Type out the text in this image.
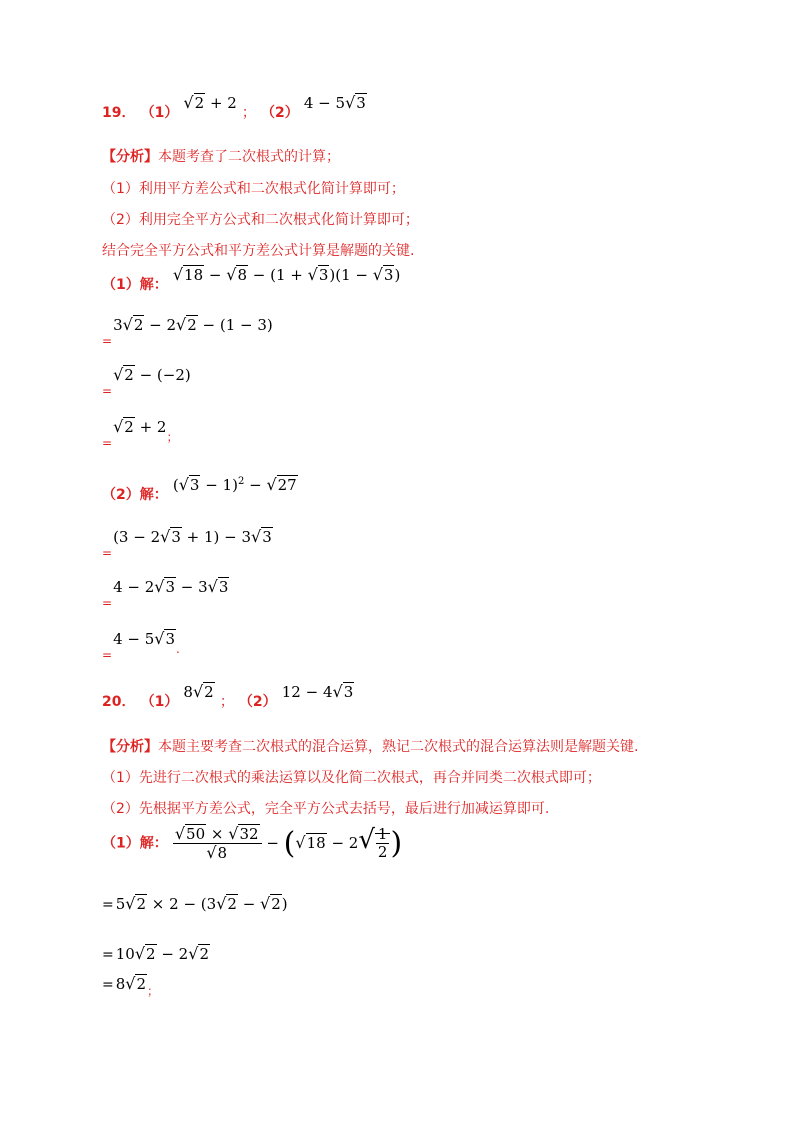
19． （1） √2 + 2 ； （2） 4 − 5√3
【分析】本题考查了二次根式的计算；
（1）利用平方差公式和二次根式化简计算即可；
（2）利用完全平方公式和二次根式化简计算即可；
结合完全平方公式和平方差公式计算是解题的关键.
（1）解： √18 − √8 − (1 + √3)(1 − √3)
$_=$3√2 − 2√2 − (1 − 3)
$_=$√2 − (−2)
$_=$√2 + 2；
（2）解： $(√3 - 1)^2 - √27$
$_=$(3 − 2√3 + 1) − 3√3
$_=$4 − 2√3 − 3√3
$_=$4 − 5√3.
20． （1） 8√2 ； （2） 12 − 4√3
【分析】本题主要考查二次根式的混合运算，熟记二次根式的混合运算法则是解题关键.
（1）先进行二次根式的乘法运算以及化简二次根式，再合并同类二次根式即可；
（2）先根据平方差公式，完全平方公式去括号，最后进行加减运算即可.
（1）解： $\frac{√50 \times √32}{√8} - (√18 - 2√ \frac{1}{2}$ )
= 5√2 × 2 − (3√2 − √2)
= 10√2 − 2√2
= $8√2_;$
